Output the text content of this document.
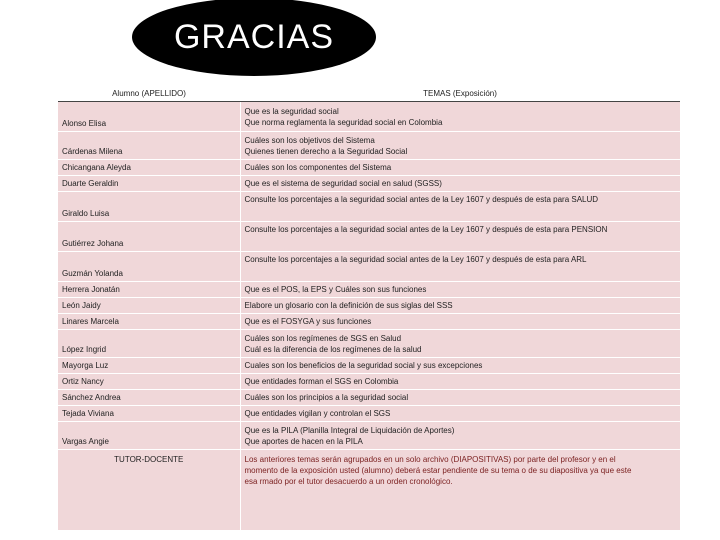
GRACIAS
Alumno (APELLIDO)	TEMAS (Exposición)
Alonso Elisa	Que es la seguridad social
Que norma reglamenta la seguridad social en Colombia

Cárdenas Milena	Cuáles son los objetivos del Sistema
Quienes tienen derecho a la Seguridad Social

Chicangana Aleyda	Cuáles son los componentes del Sistema

Duarte Geraldin	Que es el sistema de seguridad social en salud (SGSS)

Giraldo Luisa	Consulte los porcentajes a la seguridad social antes de la Ley 1607 y después de esta para SALUD

Gutiérrez Johana	Consulte los porcentajes a la seguridad social antes de la Ley 1607 y después de esta para PENSION

Guzmán Yolanda	Consulte los porcentajes a la seguridad social antes de la Ley 1607 y después de esta para ARL

Herrera Jonatán	Que es el POS, la EPS y Cuáles son sus funciones

León Jaidy	Elabore un glosario con la definición de sus siglas del SSS

Linares Marcela	Que es el FOSYGA y sus funciones

López Ingrid	Cuáles son los regímenes de SGS en Salud
Cuál es la diferencia de los regímenes de la salud

Mayorga Luz	Cuales son los beneficios de la seguridad social y sus excepciones

Ortiz Nancy	Que entidades forman el SGS en Colombia

Sánchez Andrea	Cuáles son los principios a la seguridad social

Tejada Viviana	Que entidades vigilan y controlan el SGS

Vargas Angie	Que es la PILA (Planilla Integral de Liquidación de Aportes)
Que aportes de hacen en la PILA

TUTOR-DOCENTE	Los anteriores temas serán agrupados en un solo archivo (DIAPOSITIVAS) por parte del profesor y en el
momento de la exposición usted (alumno) deberá estar pendiente de su tema o de su diapositiva ya que este
esa rmado por el tutor desacuerdo a un orden cronológico.
